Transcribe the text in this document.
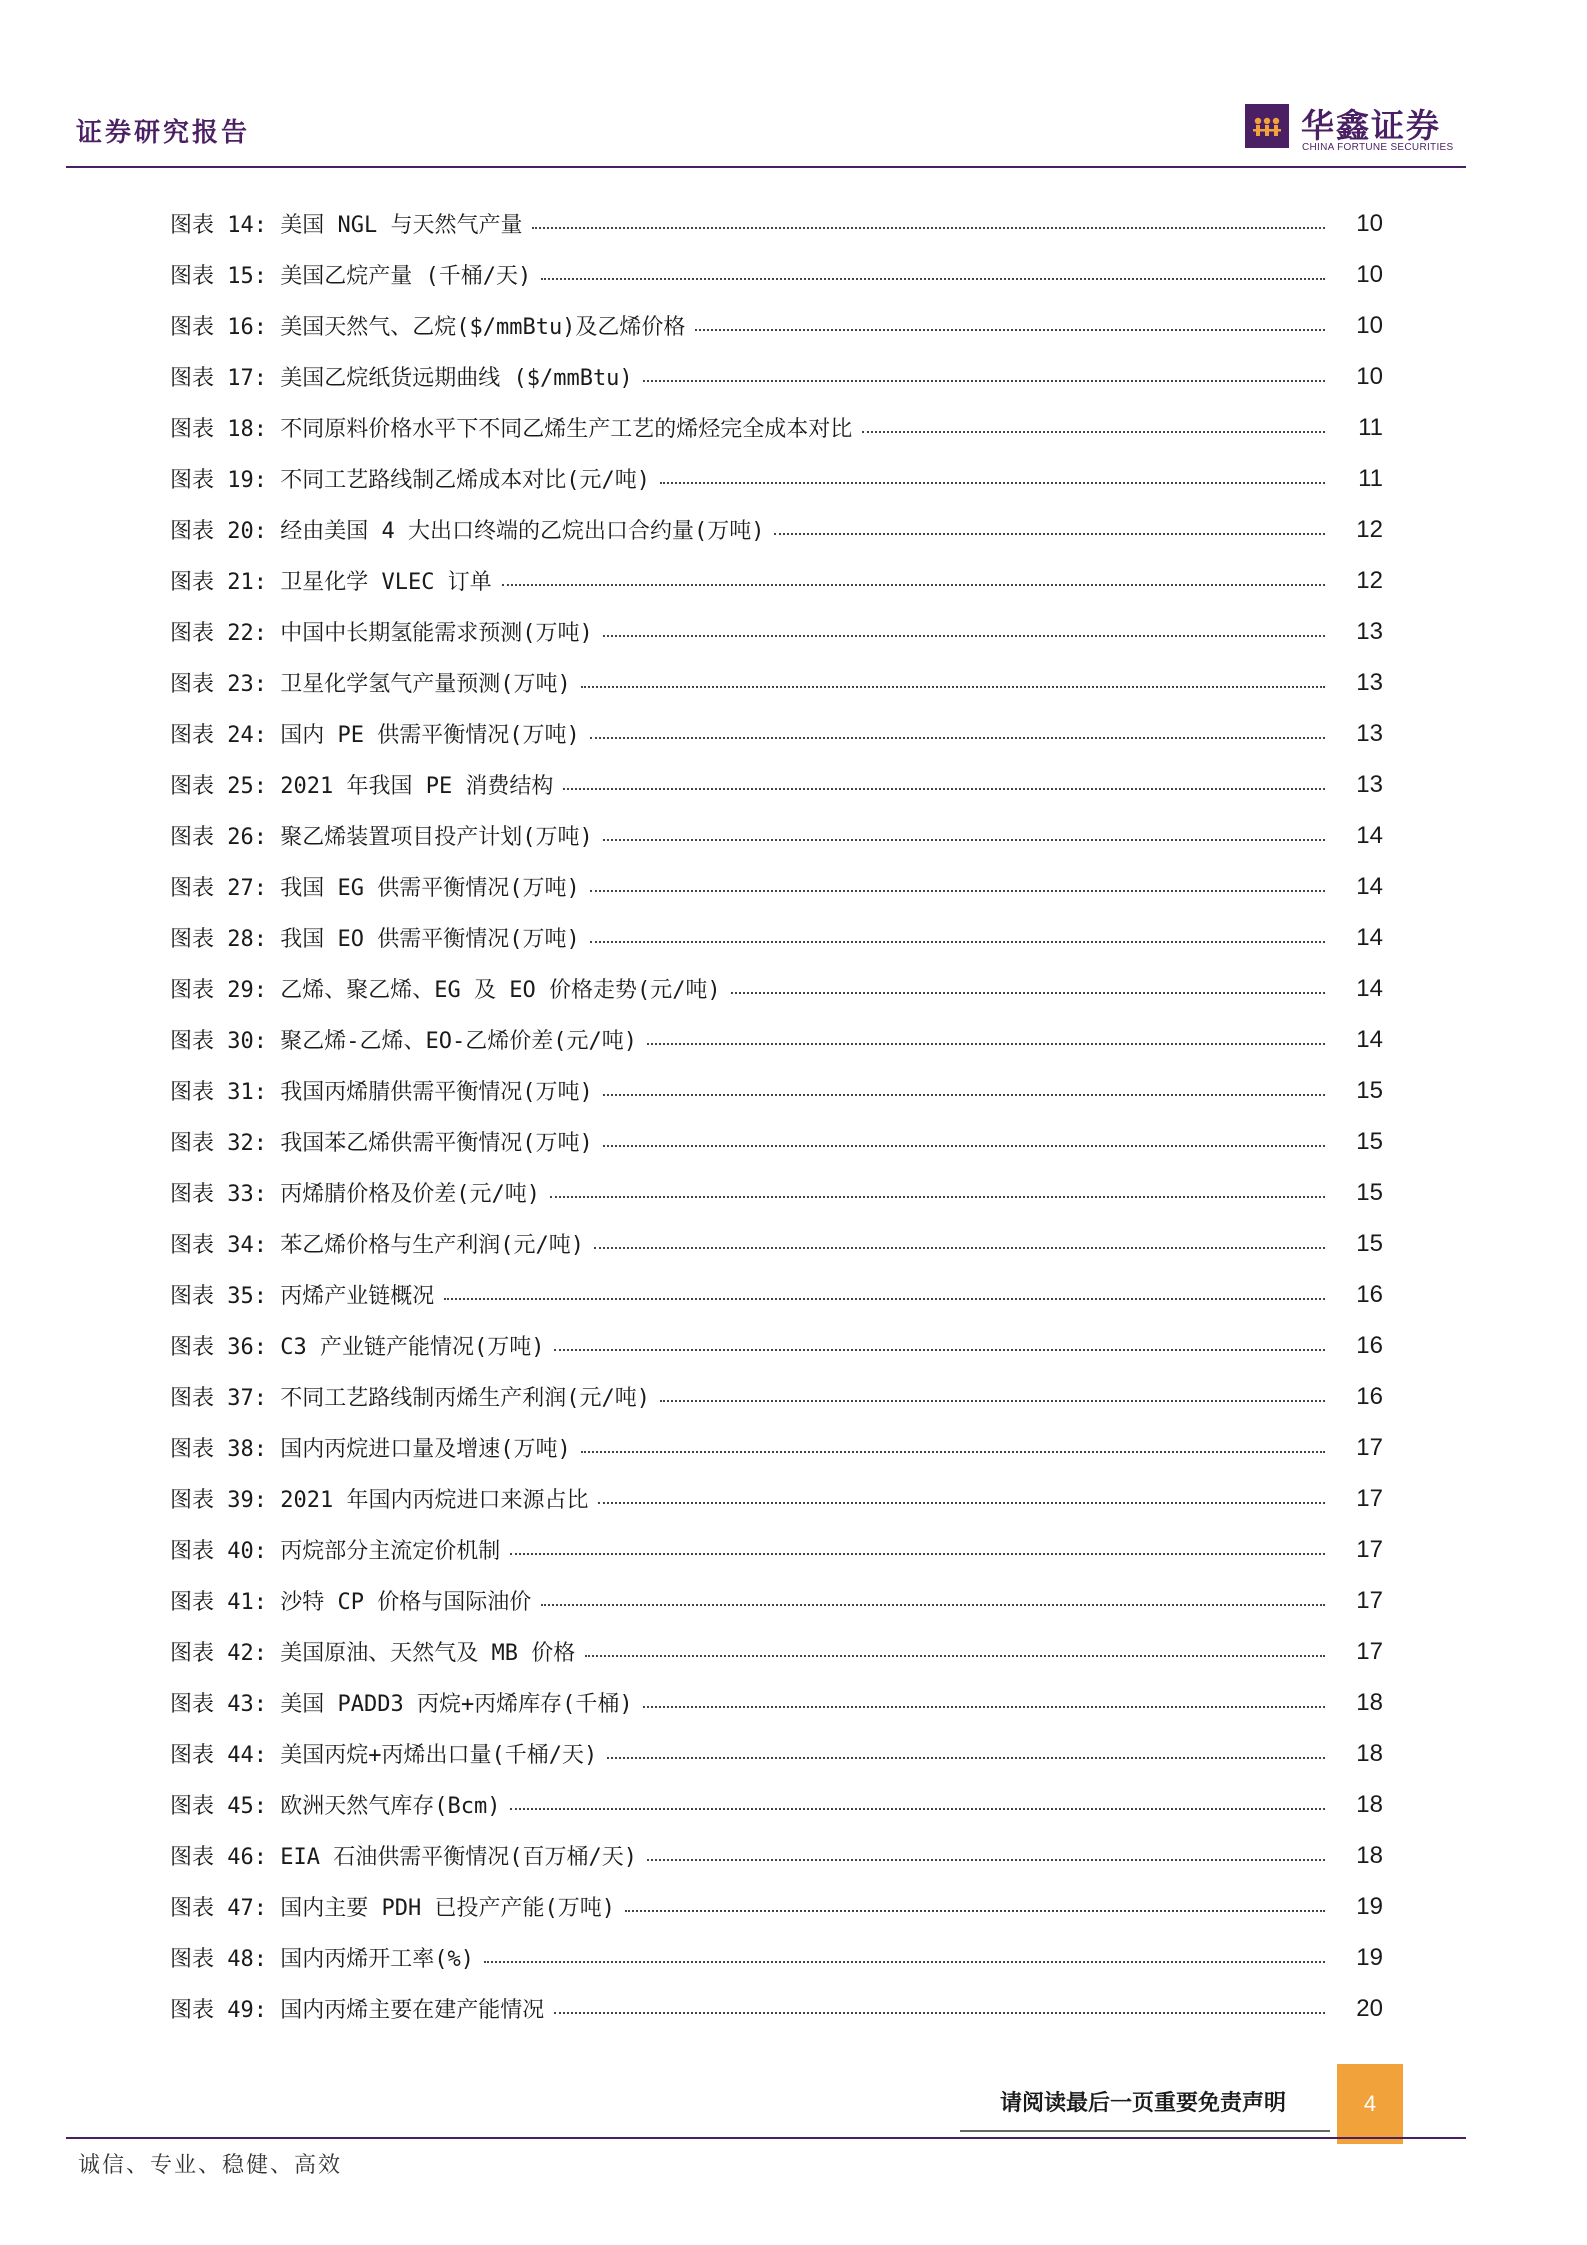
证券研究报告	华鑫证券
CHINA FORTUNE SECURITIES
图表 14: 美国 NGL 与天然气产量	10
图表 15: 美国乙烷产量 (千桶/天)	10
图表 16: 美国天然气、乙烷($/mmBtu)及乙烯价格	10
图表 17: 美国乙烷纸货远期曲线 ($/mmBtu)	10
图表 18: 不同原料价格水平下不同乙烯生产工艺的烯烃完全成本对比	11
图表 19: 不同工艺路线制乙烯成本对比(元/吨)	11
图表 20: 经由美国 4 大出口终端的乙烷出口合约量(万吨)	12
图表 21: 卫星化学 VLEC 订单	12
图表 22: 中国中长期氢能需求预测(万吨)	13
图表 23: 卫星化学氢气产量预测(万吨)	13
图表 24: 国内 PE 供需平衡情况(万吨)	13
图表 25: 2021 年我国 PE 消费结构	13
图表 26: 聚乙烯装置项目投产计划(万吨)	14
图表 27: 我国 EG 供需平衡情况(万吨)	14
图表 28: 我国 EO 供需平衡情况(万吨)	14
图表 29: 乙烯、聚乙烯、EG 及 EO 价格走势(元/吨)	14
图表 30: 聚乙烯-乙烯、EO-乙烯价差(元/吨)	14
图表 31: 我国丙烯腈供需平衡情况(万吨)	15
图表 32: 我国苯乙烯供需平衡情况(万吨)	15
图表 33: 丙烯腈价格及价差(元/吨)	15
图表 34: 苯乙烯价格与生产利润(元/吨)	15
图表 35: 丙烯产业链概况	16
图表 36: C3 产业链产能情况(万吨)	16
图表 37: 不同工艺路线制丙烯生产利润(元/吨)	16
图表 38: 国内丙烷进口量及增速(万吨)	17
图表 39: 2021 年国内丙烷进口来源占比	17
图表 40: 丙烷部分主流定价机制	17
图表 41: 沙特 CP 价格与国际油价	17
图表 42: 美国原油、天然气及 MB 价格	17
图表 43: 美国 PADD3 丙烷+丙烯库存(千桶)	18
图表 44: 美国丙烷+丙烯出口量(千桶/天)	18
图表 45: 欧洲天然气库存(Bcm)	18
图表 46: EIA 石油供需平衡情况(百万桶/天)	18
图表 47: 国内主要 PDH 已投产产能(万吨)	19
图表 48: 国内丙烯开工率(%)	19
图表 49: 国内丙烯主要在建产能情况	20
请阅读最后一页重要免责声明	4
诚信、专业、稳健、高效
